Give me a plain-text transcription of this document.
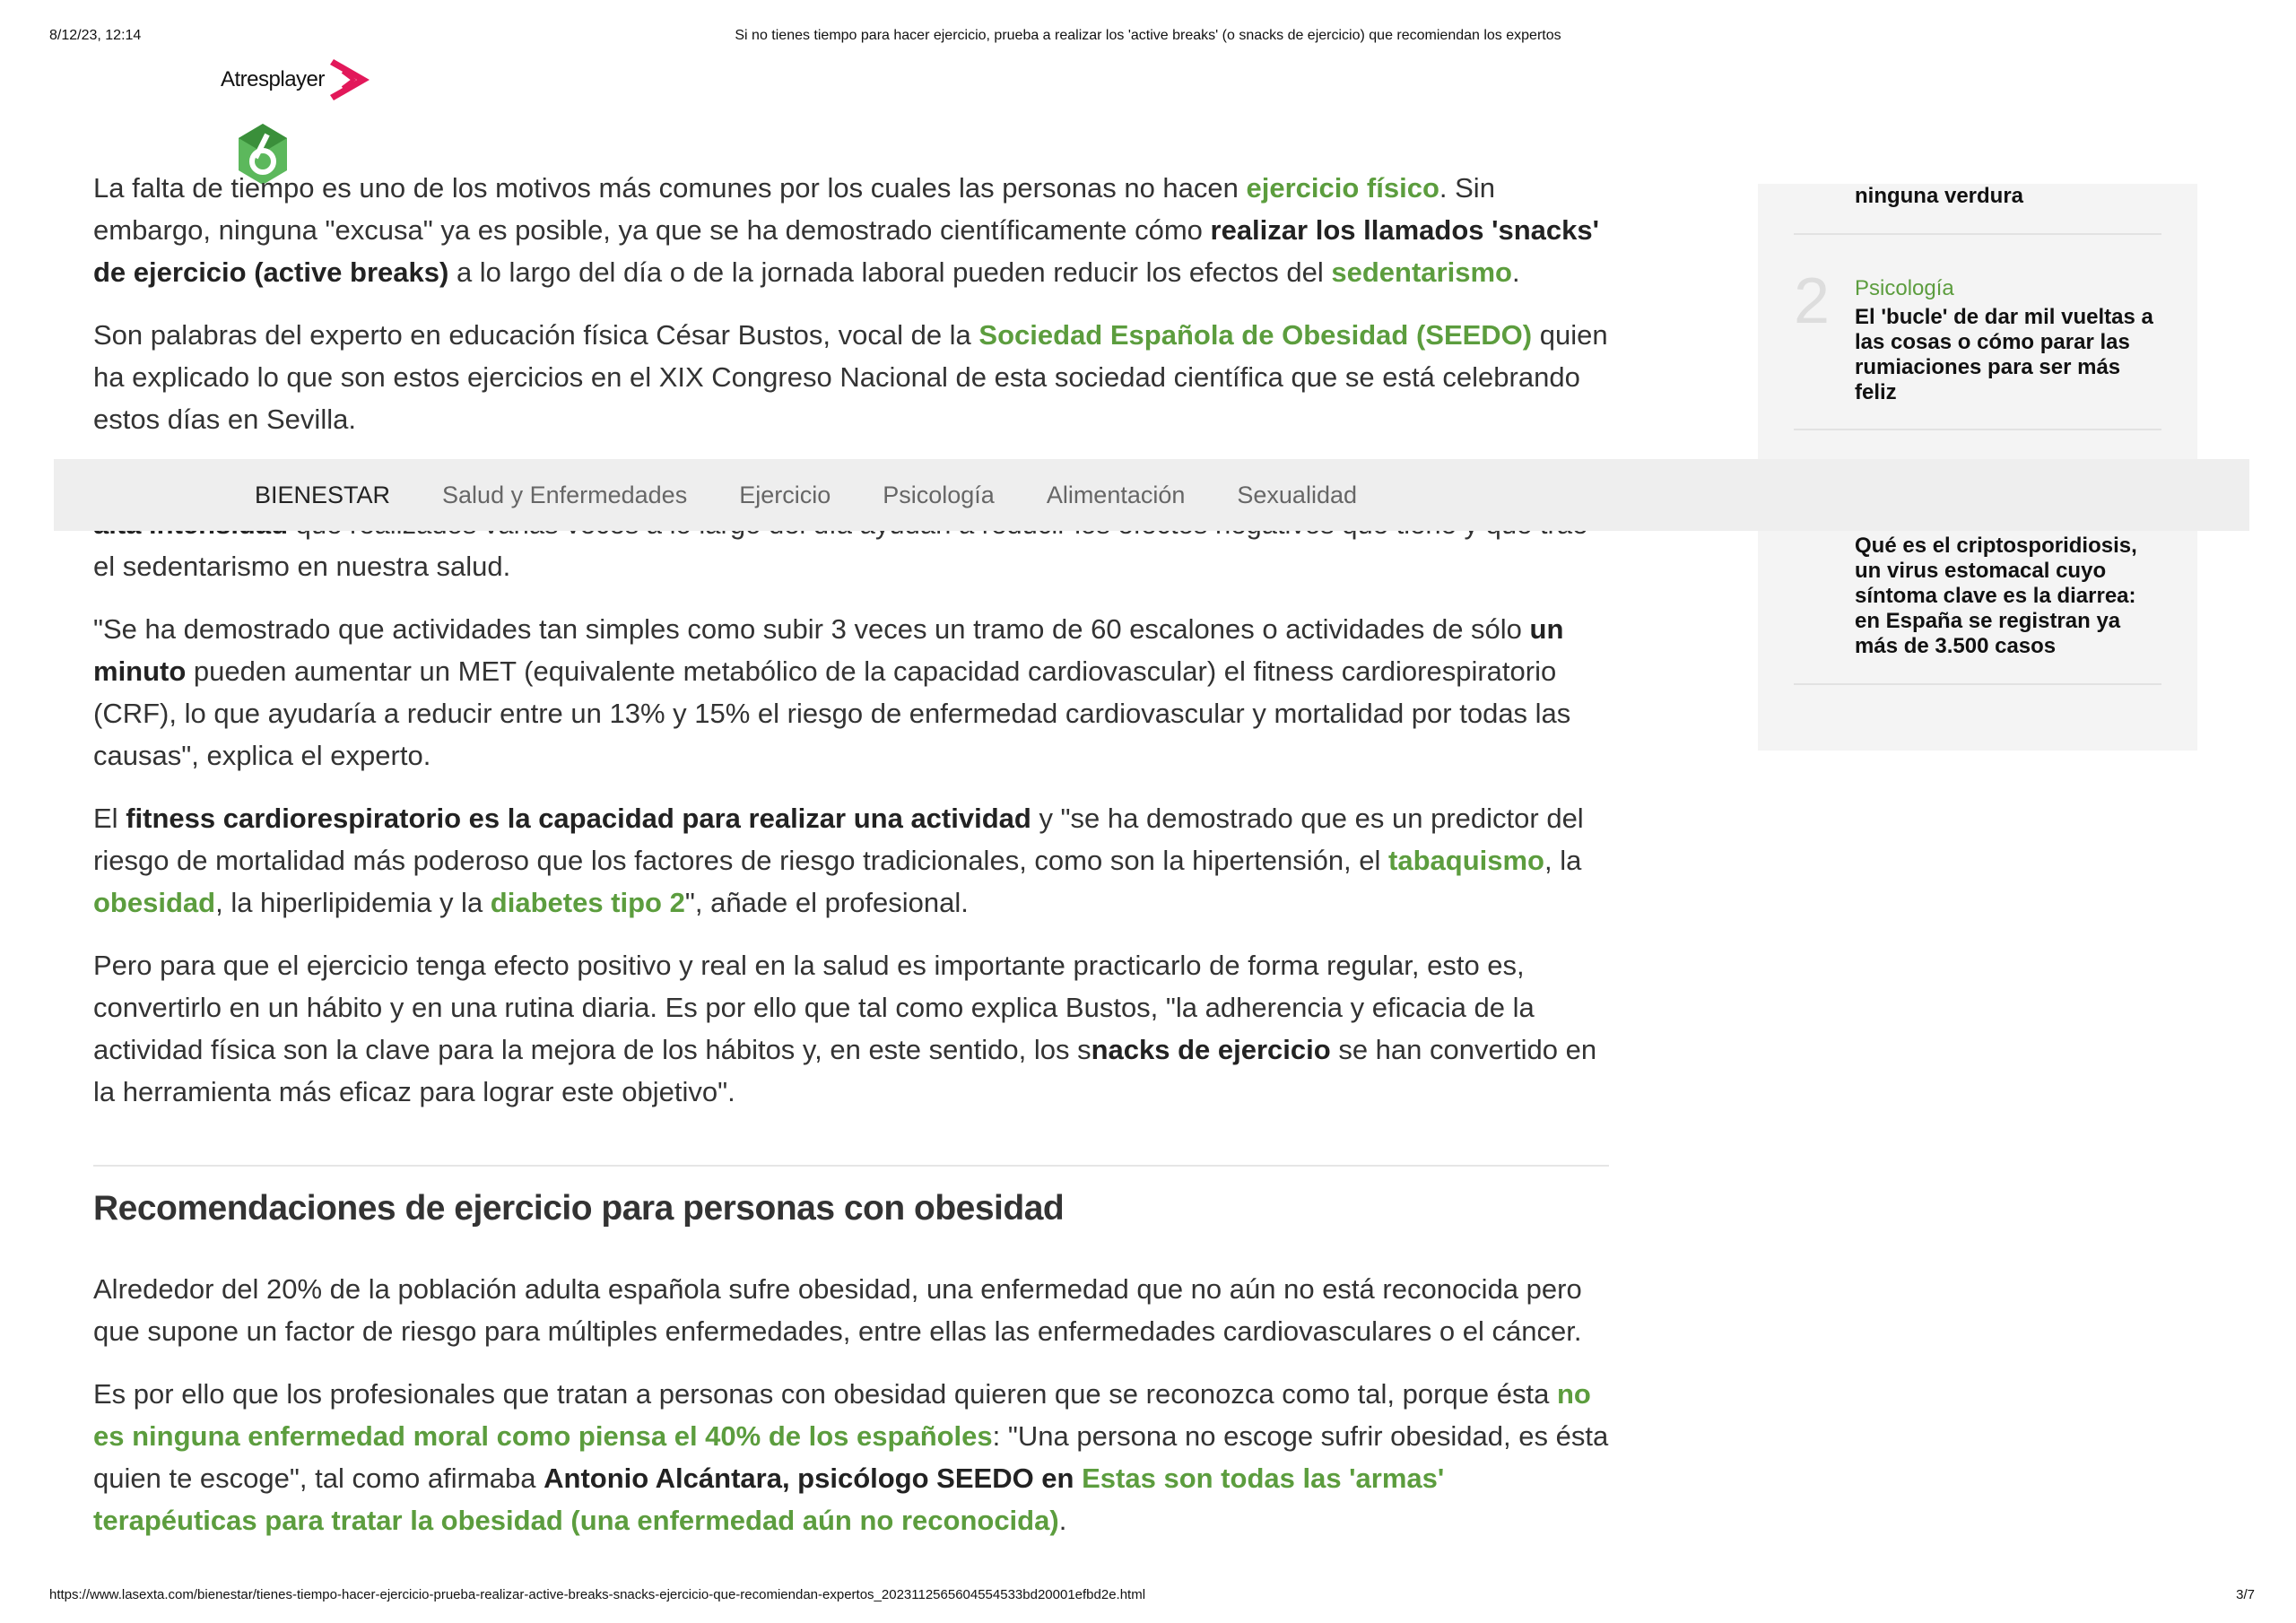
8/12/23, 12:14	Si no tienes tiempo para hacer ejercicio, prueba a realizar los 'active breaks' (o snacks de ejercicio) que recomiendan los expertos
Atresplayer

La falta de tiempo es uno de los motivos más comunes por los cuales las personas no hacen ejercicio físico. Sin embargo, ninguna "excusa" ya es posible, ya que se ha demostrado científicamente cómo realizar los llamados 'snacks' de ejercicio (active breaks) a lo largo del día o de la jornada laboral pueden reducir los efectos del sedentarismo.

Son palabras del experto en educación física César Bustos, vocal de la Sociedad Española de Obesidad (SEEDO) quien ha explicado lo que son estos ejercicios en el XIX Congreso Nacional de esta sociedad científica que se está celebrando estos días en Sevilla.

el sedentarismo en nuestra salud.

"Se ha demostrado que actividades tan simples como subir 3 veces un tramo de 60 escalones o actividades de sólo un minuto pueden aumentar un MET (equivalente metabólico de la capacidad cardiovascular) el fitness cardiorespiratorio (CRF), lo que ayudaría a reducir entre un 13% y 15% el riesgo de enfermedad cardiovascular y mortalidad por todas las causas", explica el experto.

El fitness cardiorespiratorio es la capacidad para realizar una actividad y "se ha demostrado que es un predictor del riesgo de mortalidad más poderoso que los factores de riesgo tradicionales, como son la hipertensión, el tabaquismo, la obesidad, la hiperlipidemia y la diabetes tipo 2", añade el profesional.

Pero para que el ejercicio tenga efecto positivo y real en la salud es importante practicarlo de forma regular, esto es, convertirlo en un hábito y en una rutina diaria. Es por ello que tal como explica Bustos, "la adherencia y eficacia de la actividad física son la clave para la mejora de los hábitos y, en este sentido, los snacks de ejercicio se han convertido en la herramienta más eficaz para lograr este objetivo".

Recomendaciones de ejercicio para personas con obesidad

Alrededor del 20% de la población adulta española sufre obesidad, una enfermedad que no aún no está reconocida pero que supone un factor de riesgo para múltiples enfermedades, entre ellas las enfermedades cardiovasculares o el cáncer.

Es por ello que los profesionales que tratan a personas con obesidad quieren que se reconozca como tal, porque ésta no es ninguna enfermedad moral como piensa el 40% de los españoles: "Una persona no escoge sufrir obesidad, es ésta quien te escoge", tal como afirmaba Antonio Alcántara, psicólogo SEEDO en Estas son todas las 'armas' terapéuticas para tratar la obesidad (una enfermedad aún no reconocida).

BIENESTAR Salud y Enfermedades Ejercicio Psicología Alimentación Sexualidad
ninguna verdura
2 Psicología
El 'bucle' de dar mil vueltas a las cosas o cómo parar las rumiaciones para ser más feliz
Qué es el criptosporidiosis, un virus estomacal cuyo síntoma clave es la diarrea: en España se registran ya más de 3.500 casos
https://www.lasexta.com/bienestar/tienes-tiempo-hacer-ejercicio-prueba-realizar-active-breaks-snacks-ejercicio-que-recomiendan-expertos_2023112565604554533bd20001efbd2e.html	3/7
